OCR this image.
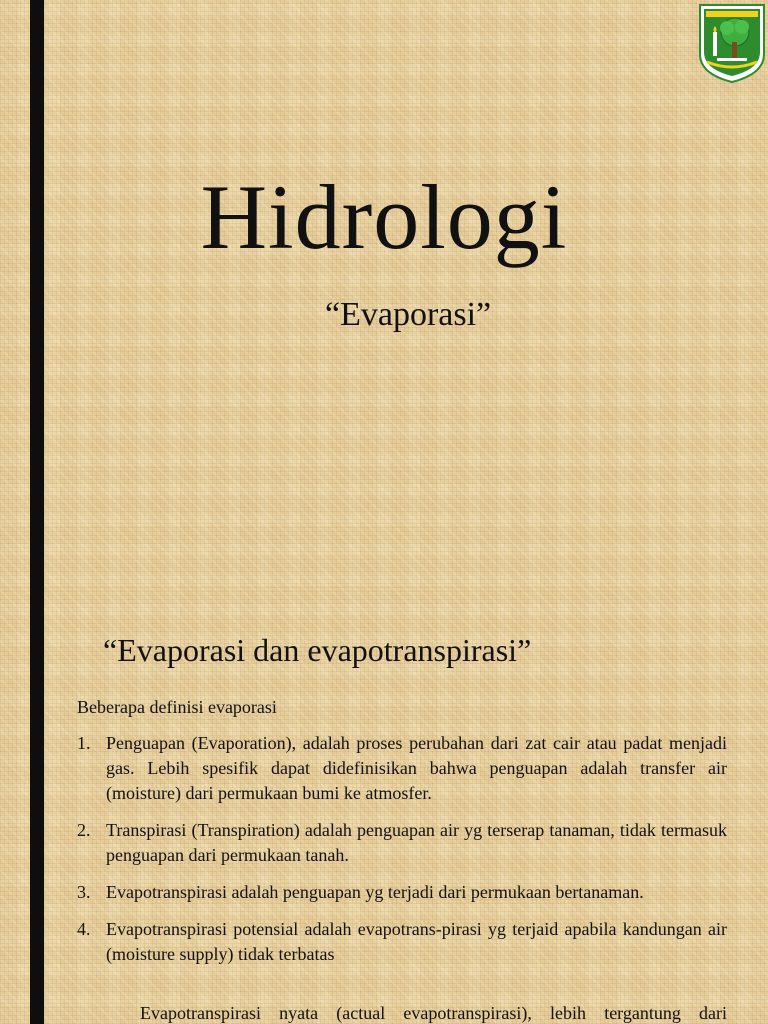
Hidrologi
“Evaporasi”
“Evaporasi dan evapotranspirasi”

Beberapa definisi evaporasi

1. Penguapan (Evaporation), adalah proses perubahan dari zat cair atau padat menjadi gas. Lebih spesifik dapat didefinisikan bahwa penguapan adalah transfer air (moisture) dari permukaan bumi ke atmosfer.
2. Transpirasi (Transpiration) adalah penguapan air yg terserap tanaman, tidak termasuk penguapan dari permukaan tanah.
3. Evapotranspirasi adalah penguapan yg terjadi dari permukaan bertanaman.
4. Evapotranspirasi potensial adalah evapotrans-pirasi yg terjaid apabila kandungan air (moisture supply) tidak terbatas

Evapotranspirasi nyata (actual evapotranspirasi), lebih tergantung dari
